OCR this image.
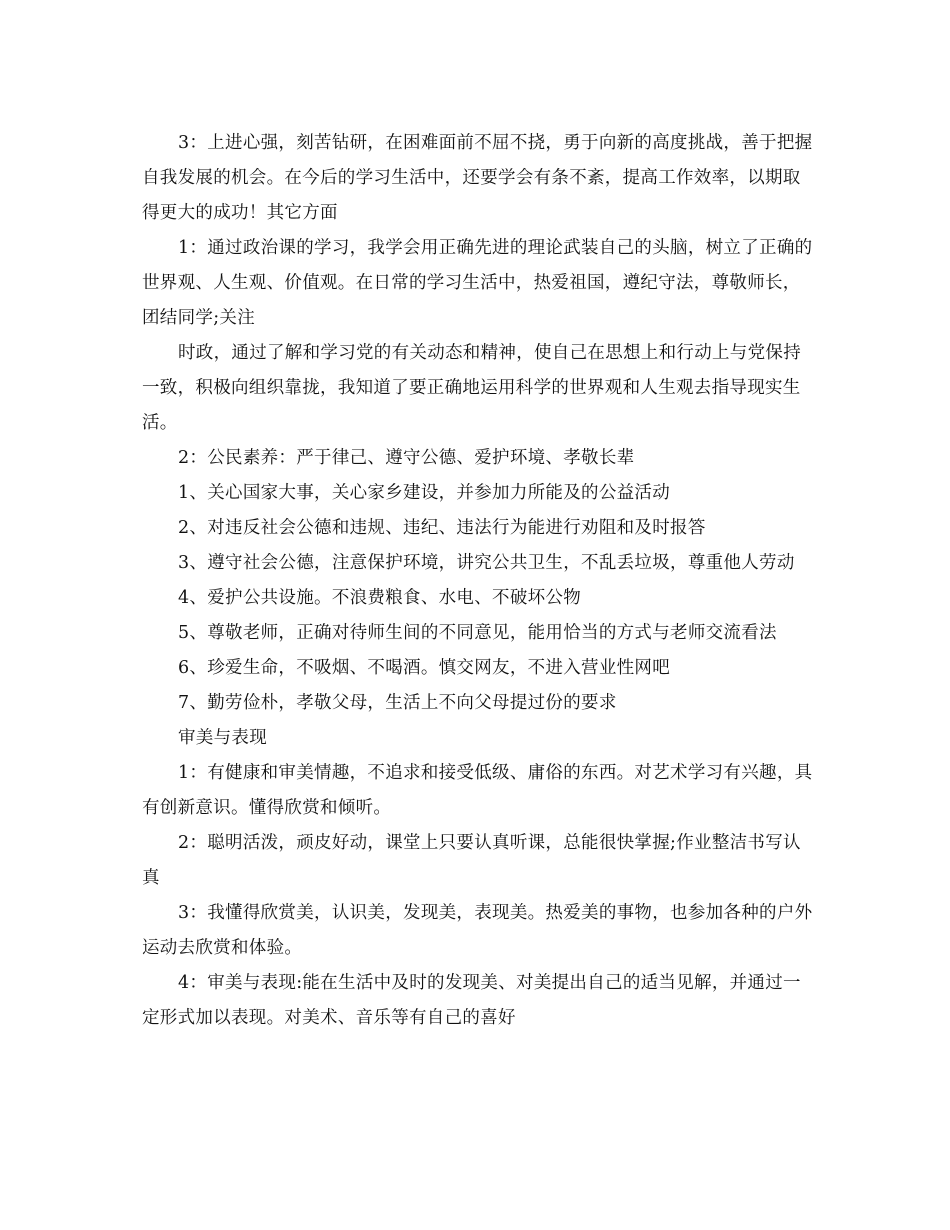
3：上进心强，刻苦钻研，在困难面前不屈不挠，勇于向新的高度挑战，善于把握自我发展的机会。在今后的学习生活中，还要学会有条不紊，提高工作效率，以期取得更大的成功！其它方面

1：通过政治课的学习，我学会用正确先进的理论武装自己的头脑，树立了正确的世界观、人生观、价值观。在日常的学习生活中，热爱祖国，遵纪守法，尊敬师长，团结同学;关注

时政，通过了解和学习党的有关动态和精神，使自己在思想上和行动上与党保持一致，积极向组织靠拢，我知道了要正确地运用科学的世界观和人生观去指导现实生活。

2：公民素养：严于律己、遵守公德、爱护环境、孝敬长辈

1、关心国家大事，关心家乡建设，并参加力所能及的公益活动

2、对违反社会公德和违规、违纪、违法行为能进行劝阻和及时报答

3、遵守社会公德，注意保护环境，讲究公共卫生，不乱丢垃圾，尊重他人劳动

4、爱护公共设施。不浪费粮食、水电、不破坏公物

5、尊敬老师，正确对待师生间的不同意见，能用恰当的方式与老师交流看法

6、珍爱生命，不吸烟、不喝酒。慎交网友，不进入营业性网吧

7、勤劳俭朴，孝敬父母，生活上不向父母提过份的要求

审美与表现

1：有健康和审美情趣，不追求和接受低级、庸俗的东西。对艺术学习有兴趣，具有创新意识。懂得欣赏和倾听。

2：聪明活泼，顽皮好动，课堂上只要认真听课，总能很快掌握;作业整洁书写认真

3：我懂得欣赏美，认识美，发现美，表现美。热爱美的事物，也参加各种的户外运动去欣赏和体验。

4：审美与表现:能在生活中及时的发现美、对美提出自己的适当见解，并通过一定形式加以表现。对美术、音乐等有自己的喜好
